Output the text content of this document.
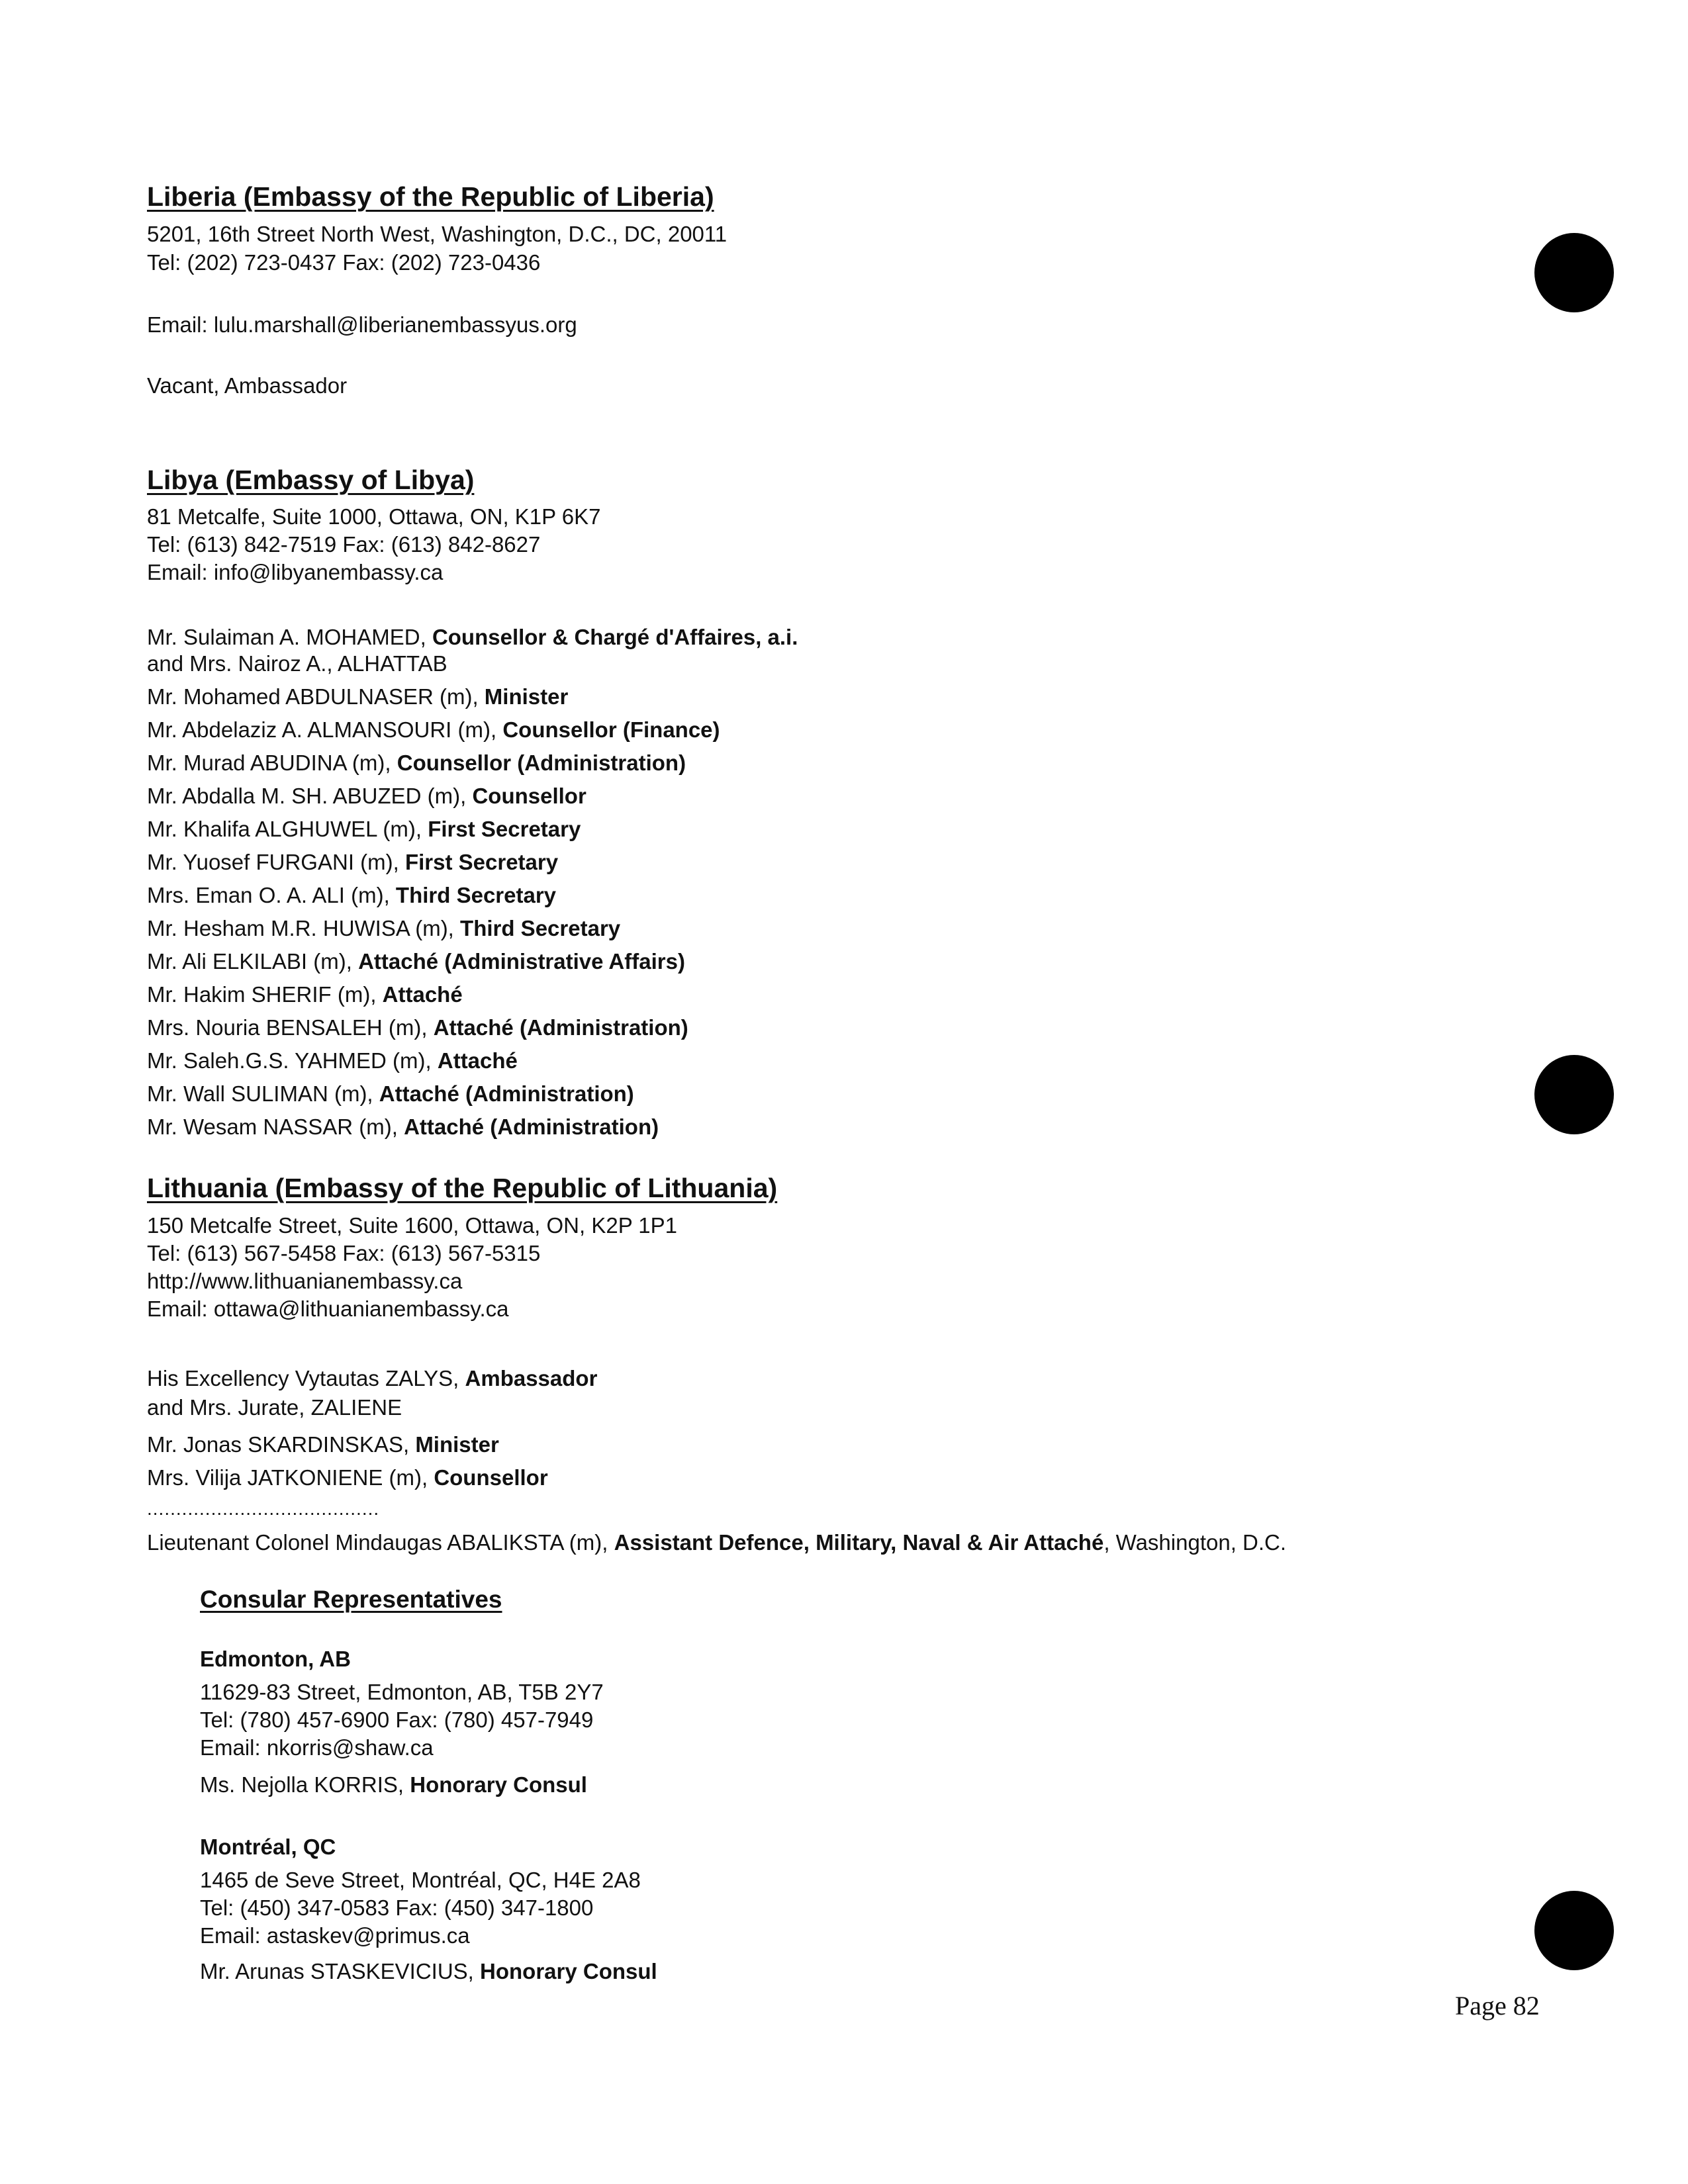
Liberia (Embassy of the Republic of Liberia)
5201, 16th Street North West, Washington, D.C., DC, 20011
Tel: (202) 723-0437 Fax: (202) 723-0436
Email: lulu.marshall@liberianembassyus.org
Vacant, Ambassador
Libya (Embassy of Libya)
81 Metcalfe, Suite 1000, Ottawa, ON, K1P 6K7
Tel: (613) 842-7519 Fax: (613) 842-8627
Email: info@libyanembassy.ca
Mr. Sulaiman A. MOHAMED, Counsellor & Chargé d'Affaires, a.i.
and Mrs. Nairoz A., ALHATTAB
Mr. Mohamed ABDULNASER (m), Minister
Mr. Abdelaziz A. ALMANSOURI (m), Counsellor (Finance)
Mr. Murad ABUDINA (m), Counsellor (Administration)
Mr. Abdalla M. SH. ABUZED (m), Counsellor
Mr. Khalifa ALGHUWEL (m), First Secretary
Mr. Yuosef FURGANI (m), First Secretary
Mrs. Eman O. A. ALI (m), Third Secretary
Mr. Hesham M.R. HUWISA (m), Third Secretary
Mr. Ali ELKILABI (m), Attaché (Administrative Affairs)
Mr. Hakim SHERIF (m), Attaché
Mrs. Nouria BENSALEH (m), Attaché (Administration)
Mr. Saleh.G.S. YAHMED (m), Attaché
Mr. Wall SULIMAN (m), Attaché (Administration)
Mr. Wesam NASSAR (m), Attaché (Administration)
Lithuania (Embassy of the Republic of Lithuania)
150 Metcalfe Street, Suite 1600, Ottawa, ON, K2P 1P1
Tel: (613) 567-5458 Fax: (613) 567-5315
http://www.lithuanianembassy.ca
Email: ottawa@lithuanianembassy.ca
His Excellency Vytautas ZALYS, Ambassador
and Mrs. Jurate, ZALIENE
Mr. Jonas SKARDINSKAS, Minister
Mrs. Vilija JATKONIENE (m), Counsellor
........................................
Lieutenant Colonel Mindaugas ABALIKSTA (m), Assistant Defence, Military, Naval & Air Attaché, Washington, D.C.
Consular Representatives
Edmonton, AB
11629-83 Street, Edmonton, AB, T5B 2Y7
Tel: (780) 457-6900 Fax: (780) 457-7949
Email: nkorris@shaw.ca
Ms. Nejolla KORRIS, Honorary Consul
Montréal, QC
1465 de Seve Street, Montréal, QC, H4E 2A8
Tel: (450) 347-0583 Fax: (450) 347-1800
Email: astaskev@primus.ca
Mr. Arunas STASKEVICIUS, Honorary Consul
Page 82
